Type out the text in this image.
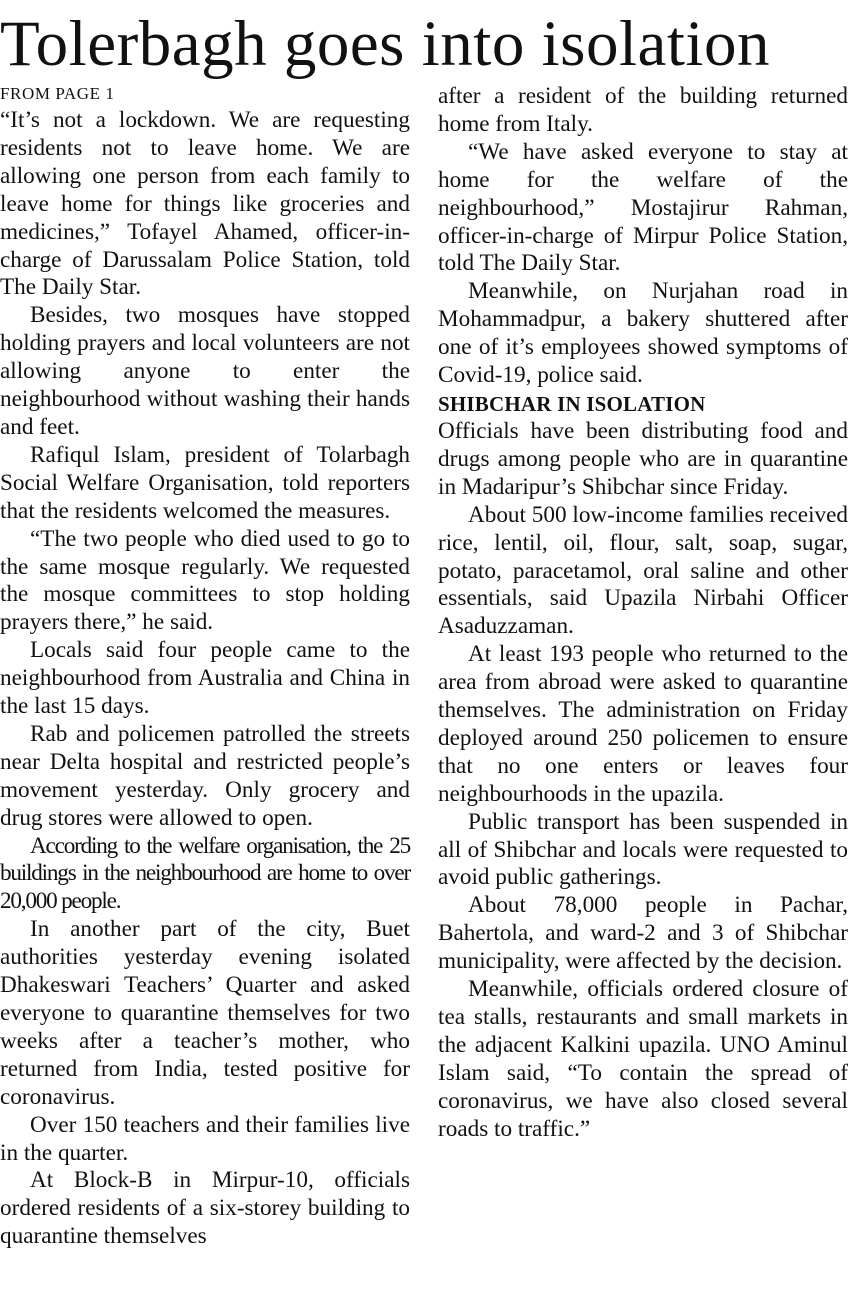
Tolerbagh goes into isolation
FROM PAGE 1

“It’s not a lockdown. We are requesting residents not to leave home. We are allowing one person from each family to leave home for things like groceries and medicines,” Tofayel Ahamed, officer-in-charge of Darussalam Police Station, told The Daily Star.

Besides, two mosques have stopped holding prayers and local volunteers are not allowing anyone to enter the neighbourhood without washing their hands and feet.

Rafiqul Islam, president of Tolarbagh Social Welfare Organisation, told reporters that the residents welcomed the measures.

“The two people who died used to go to the same mosque regularly. We requested the mosque committees to stop holding prayers there,” he said.

Locals said four people came to the neighbourhood from Australia and China in the last 15 days.

Rab and policemen patrolled the streets near Delta hospital and restricted people’s movement yesterday. Only grocery and drug stores were allowed to open.

According to the welfare organisation, the 25 buildings in the neighbourhood are home to over 20,000 people.

In another part of the city, Buet authorities yesterday evening isolated Dhakeswari Teachers’ Quarter and asked everyone to quarantine themselves for two weeks after a teacher’s mother, who returned from India, tested positive for coronavirus.

Over 150 teachers and their families live in the quarter.

At Block-B in Mirpur-10, officials ordered residents of a six-storey building to quarantine themselves

after a resident of the building returned home from Italy.

“We have asked everyone to stay at home for the welfare of the neighbourhood,” Mostajirur Rahman, officer-in-charge of Mirpur Police Station, told The Daily Star.

Meanwhile, on Nurjahan road in Mohammadpur, a bakery shuttered after one of it’s employees showed symptoms of Covid-19, police said.

SHIBCHAR IN ISOLATION

Officials have been distributing food and drugs among people who are in quarantine in Madaripur’s Shibchar since Friday.

About 500 low-income families received rice, lentil, oil, flour, salt, soap, sugar, potato, paracetamol, oral saline and other essentials, said Upazila Nirbahi Officer Asaduzzaman.

At least 193 people who returned to the area from abroad were asked to quarantine themselves. The administration on Friday deployed around 250 policemen to ensure that no one enters or leaves four neighbourhoods in the upazila.

Public transport has been suspended in all of Shibchar and locals were requested to avoid public gatherings.

About 78,000 people in Pachar, Bahertola, and ward-2 and 3 of Shibchar municipality, were affected by the decision.

Meanwhile, officials ordered closure of tea stalls, restaurants and small markets in the adjacent Kalkini upazila. UNO Aminul Islam said, “To contain the spread of coronavirus, we have also closed several roads to traffic.”
